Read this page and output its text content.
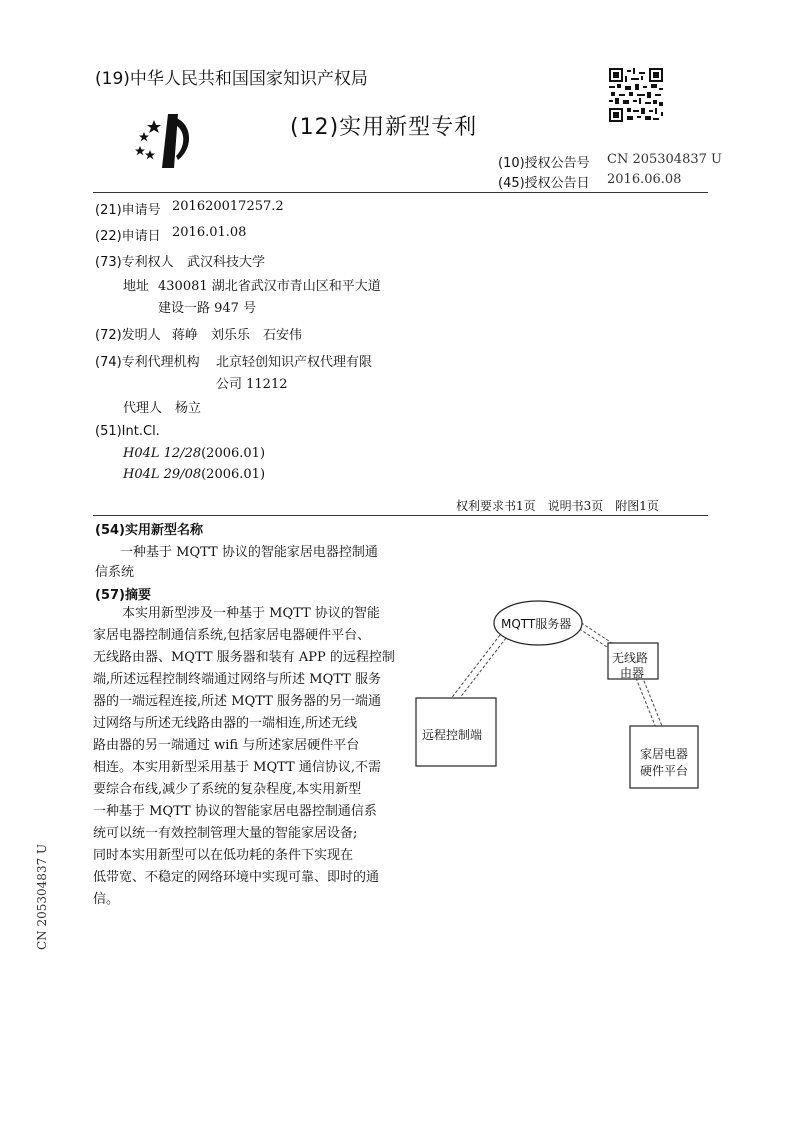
(19)中华人民共和国国家知识产权局
(12)实用新型专利
(10)授权公告号 CN 205304837 U
(45)授权公告日 2016.06.08
(21)申请号 201620017257.2
(22)申请日 2016.01.08
(73)专利权人 武汉科技大学
地址 430081 湖北省武汉市青山区和平大道
建设一路 947 号
(72)发明人 蒋峥　刘乐乐　石安伟
(74)专利代理机构 北京轻创知识产权代理有限
公司 11212
代理人 杨立
(51)Int.Cl.
H04L 12/28(2006.01)
H04L 29/08(2006.01)
权利要求书1页　说明书3页　附图1页
(54)实用新型名称
一种基于 MQTT 协议的智能家居电器控制通
信系统
(57)摘要
本实用新型涉及一种基于 MQTT 协议的智能
家居电器控制通信系统,包括家居电器硬件平台、
无线路由器、MQTT 服务器和装有 APP 的远程控制
端,所述远程控制终端通过网络与所述 MQTT 服务
器的一端远程连接,所述 MQTT 服务器的另一端通
过网络与所述无线路由器的一端相连,所述无线
路由器的另一端通过 wifi 与所述家居硬件平台
相连。本实用新型采用基于 MQTT 通信协议,不需
要综合布线,减少了系统的复杂程度,本实用新型
一种基于 MQTT 协议的智能家居电器控制通信系
统可以统一有效控制管理大量的智能家居设备;
同时本实用新型可以在低功耗的条件下实现在
低带宽、不稳定的网络环境中实现可靠、即时的通
信。
MQTT服务器
无线路
由器
远程控制端
家居电器
硬件平台
CN 205304837 U
